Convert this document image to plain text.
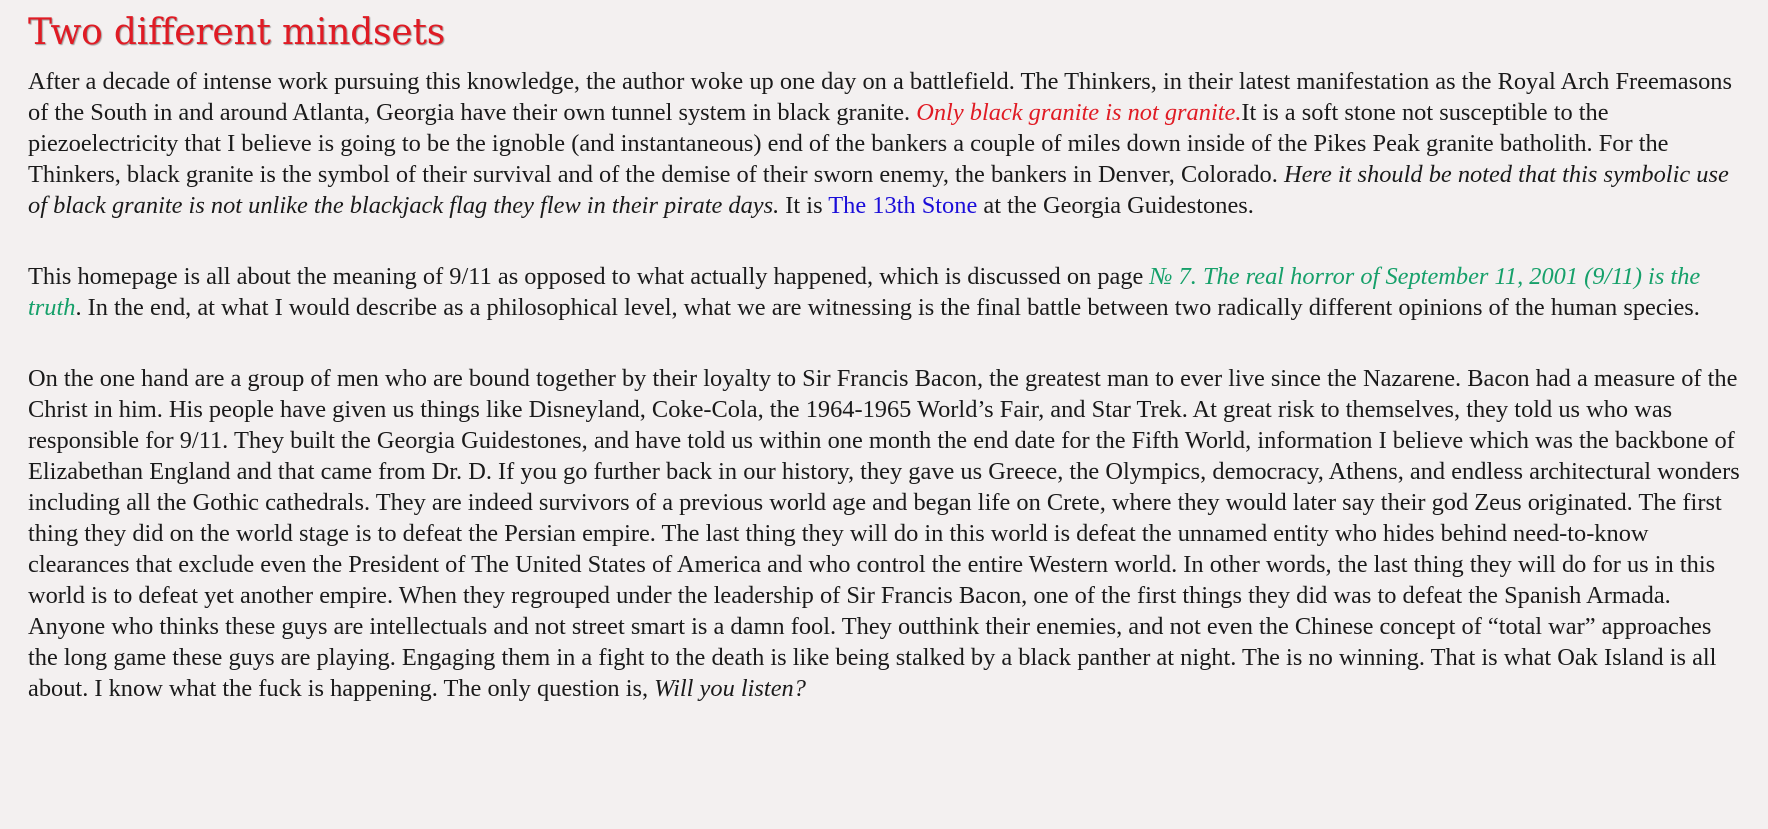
Two different mindsets

After a decade of intense work pursuing this knowledge, the author woke up one day on a battlefield. The Thinkers, in their latest manifestation as the Royal Arch Freemasons of the South in and around Atlanta, Georgia have their own tunnel system in black granite. Only black granite is not granite.It is a soft stone not susceptible to the piezoelectricity that I believe is going to be the ignoble (and instantaneous) end of the bankers a couple of miles down inside of the Pikes Peak granite batholith. For the Thinkers, black granite is the symbol of their survival and of the demise of their sworn enemy, the bankers in Denver, Colorado. Here it should be noted that this symbolic use of black granite is not unlike the blackjack flag they flew in their pirate days. It is The 13th Stone at the Georgia Guidestones.

This homepage is all about the meaning of 9/11 as opposed to what actually happened, which is discussed on page № 7. The real horror of September 11, 2001 (9/11) is the truth. In the end, at what I would describe as a philosophical level, what we are witnessing is the final battle between two radically different opinions of the human species.

On the one hand are a group of men who are bound together by their loyalty to Sir Francis Bacon, the greatest man to ever live since the Nazarene. Bacon had a measure of the Christ in him. His people have given us things like Disneyland, Coke-Cola, the 1964-1965 World’s Fair, and Star Trek. At great risk to themselves, they told us who was responsible for 9/11. They built the Georgia Guidestones, and have told us within one month the end date for the Fifth World, information I believe which was the backbone of Elizabethan England and that came from Dr. D. If you go further back in our history, they gave us Greece, the Olympics, democracy, Athens, and endless architectural wonders including all the Gothic cathedrals. They are indeed survivors of a previous world age and began life on Crete, where they would later say their god Zeus originated. The first thing they did on the world stage is to defeat the Persian empire. The last thing they will do in this world is defeat the unnamed entity who hides behind need-to-know clearances that exclude even the President of The United States of America and who control the entire Western world. In other words, the last thing they will do for us in this world is to defeat yet another empire. When they regrouped under the leadership of Sir Francis Bacon, one of the first things they did was to defeat the Spanish Armada. Anyone who thinks these guys are intellectuals and not street smart is a damn fool. They outthink their enemies, and not even the Chinese concept of “total war” approaches the long game these guys are playing. Engaging them in a fight to the death is like being stalked by a black panther at night. The is no winning. That is what Oak Island is all about. I know what the fuck is happening. The only question is, Will you listen?
